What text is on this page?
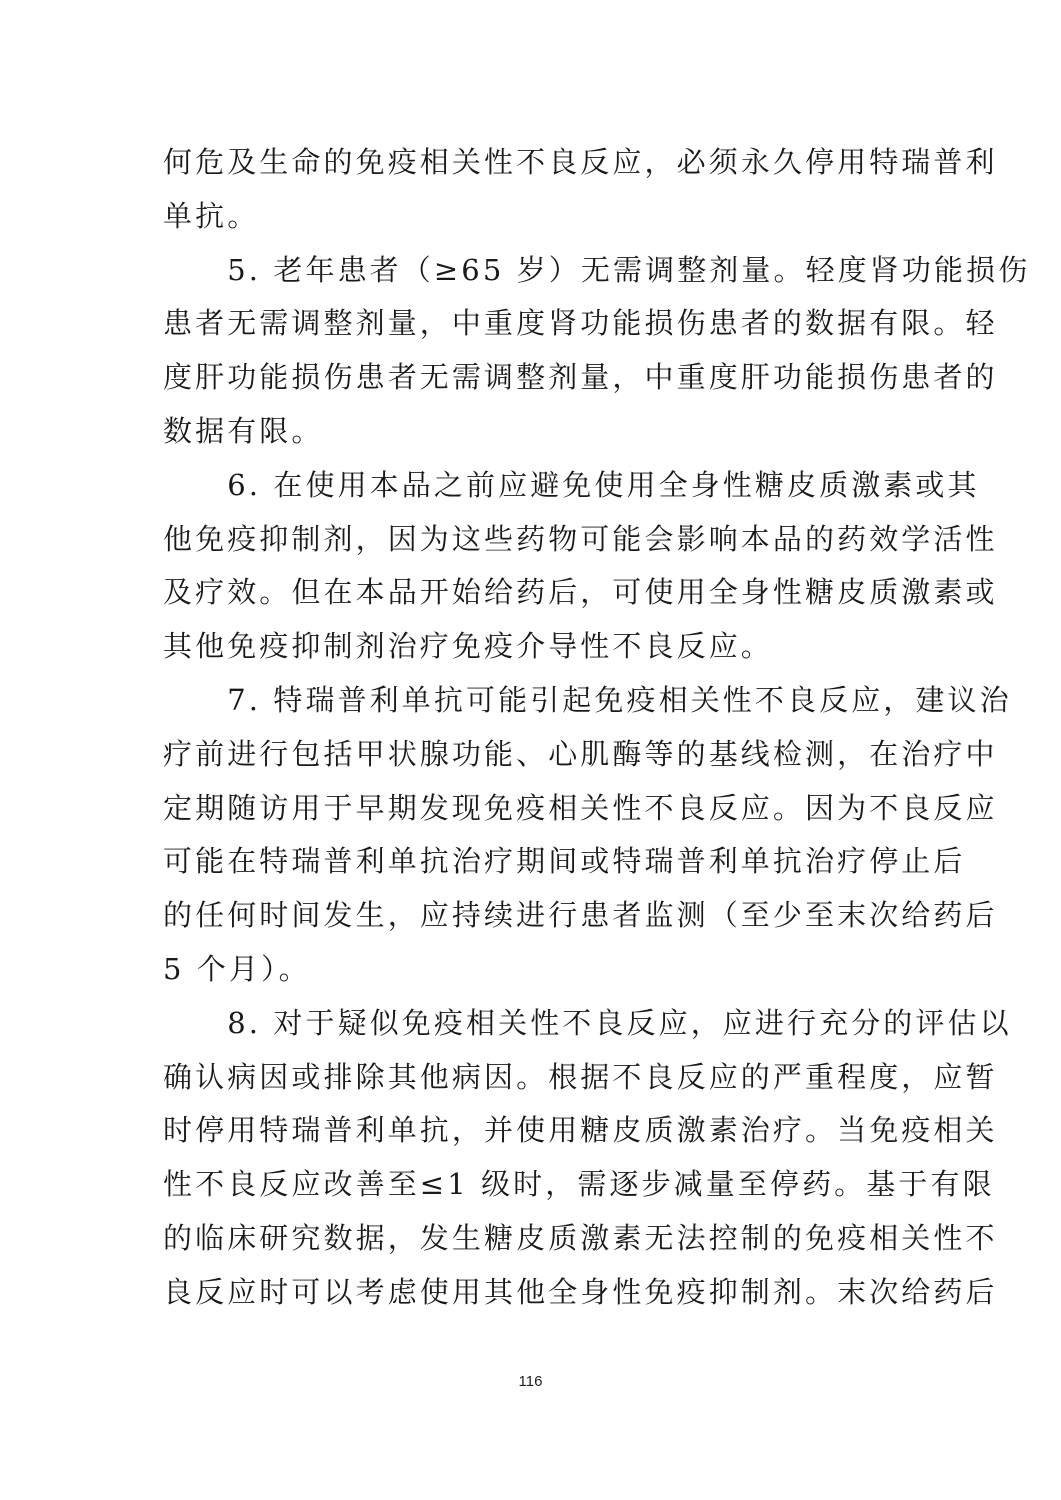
何危及生命的免疫相关性不良反应，必须永久停用特瑞普利
单抗。
　　5. 老年患者（≥65 岁）无需调整剂量。轻度肾功能损伤
患者无需调整剂量，中重度肾功能损伤患者的数据有限。轻
度肝功能损伤患者无需调整剂量，中重度肝功能损伤患者的
数据有限。
　　6. 在使用本品之前应避免使用全身性糖皮质激素或其
他免疫抑制剂，因为这些药物可能会影响本品的药效学活性
及疗效。但在本品开始给药后，可使用全身性糖皮质激素或
其他免疫抑制剂治疗免疫介导性不良反应。
　　7. 特瑞普利单抗可能引起免疫相关性不良反应，建议治
疗前进行包括甲状腺功能、心肌酶等的基线检测，在治疗中
定期随访用于早期发现免疫相关性不良反应。因为不良反应
可能在特瑞普利单抗治疗期间或特瑞普利单抗治疗停止后
的任何时间发生，应持续进行患者监测（至少至末次给药后
5 个月）。
　　8. 对于疑似免疫相关性不良反应，应进行充分的评估以
确认病因或排除其他病因。根据不良反应的严重程度，应暂
时停用特瑞普利单抗，并使用糖皮质激素治疗。当免疫相关
性不良反应改善至≤1 级时，需逐步减量至停药。基于有限
的临床研究数据，发生糖皮质激素无法控制的免疫相关性不
良反应时可以考虑使用其他全身性免疫抑制剂。末次给药后
116
